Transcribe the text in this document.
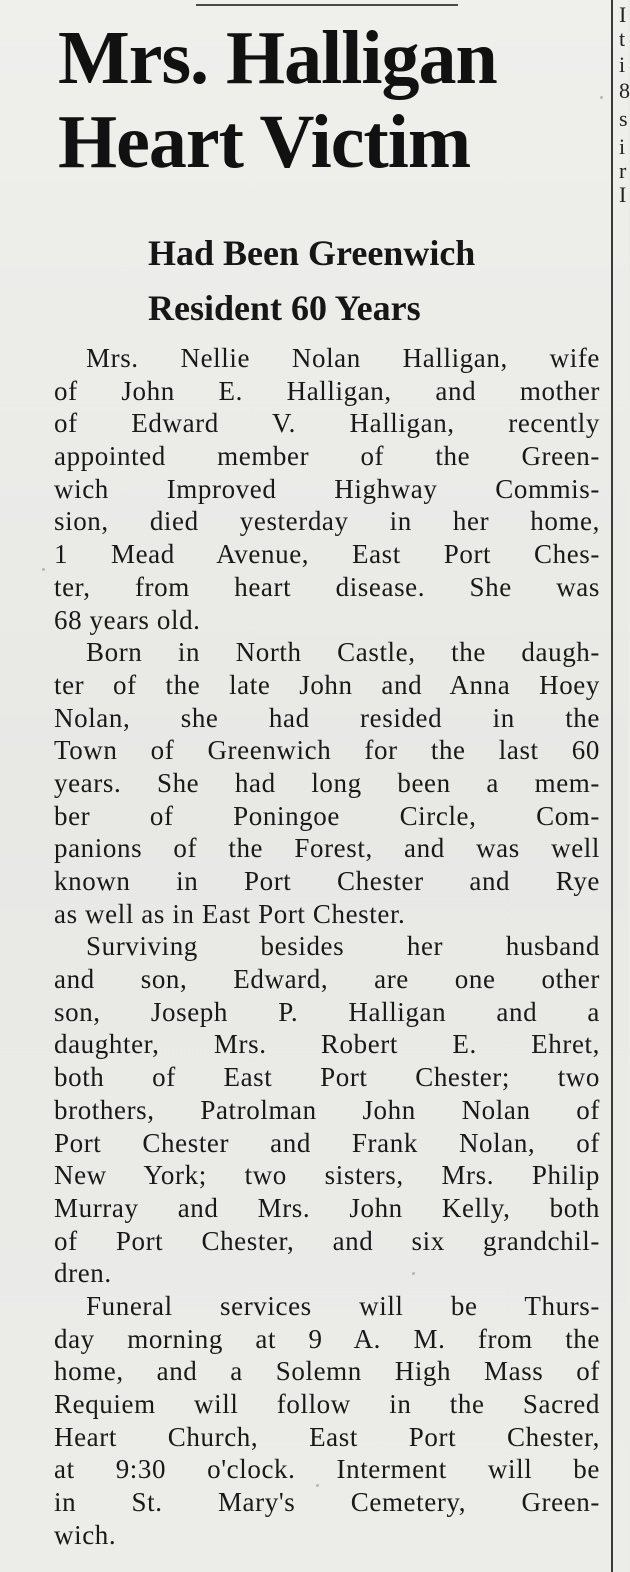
I
t
i
8
s
i
r
I
Mrs. Halligan
Heart Victim
Had Been Greenwich
Resident 60 Years
Mrs. Nellie Nolan Halligan, wife
of John E. Halligan, and mother
of Edward V. Halligan, recently
appointed member of the Green-
wich Improved Highway Commis-
sion, died yesterday in her home,
1 Mead Avenue, East Port Ches-
ter, from heart disease. She was
68 years old.
Born in North Castle, the daugh-
ter of the late John and Anna Hoey
Nolan, she had resided in the
Town of Greenwich for the last 60
years. She had long been a mem-
ber of Poningoe Circle, Com-
panions of the Forest, and was well
known in Port Chester and Rye
as well as in East Port Chester.
Surviving besides her husband
and son, Edward, are one other
son, Joseph P. Halligan and a
daughter, Mrs. Robert E. Ehret,
both of East Port Chester; two
brothers, Patrolman John Nolan of
Port Chester and Frank Nolan, of
New York; two sisters, Mrs. Philip
Murray and Mrs. John Kelly, both
of Port Chester, and six grandchil-
dren.
Funeral services will be Thurs-
day morning at 9 A. M. from the
home, and a Solemn High Mass of
Requiem will follow in the Sacred
Heart Church, East Port Chester,
at 9:30 o'clock. Interment will be
in St. Mary's Cemetery, Green-
wich.
